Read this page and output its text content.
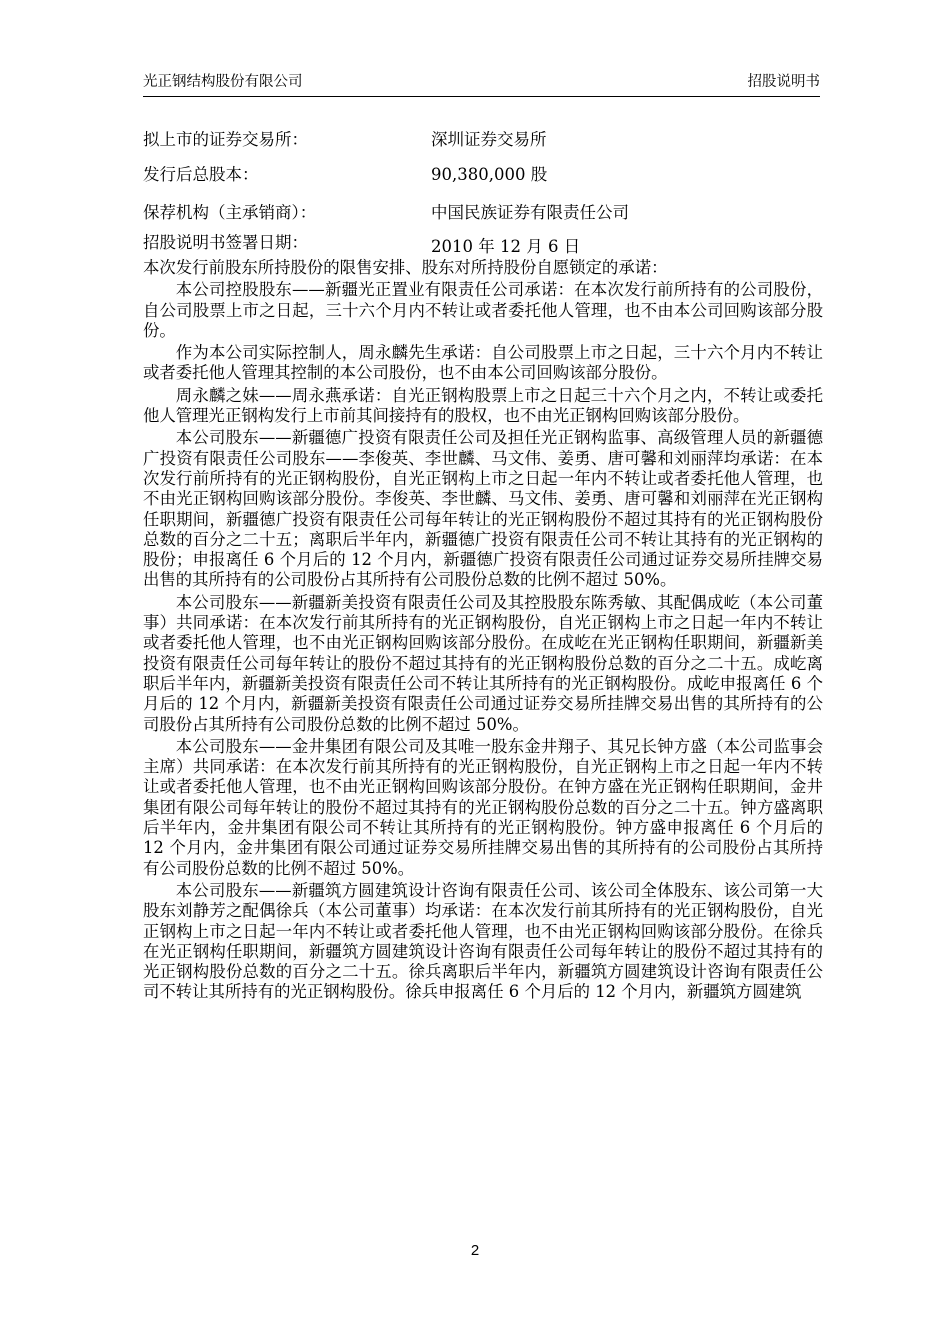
光正钢结构股份有限公司	招股说明书
拟上市的证券交易所：	深圳证券交易所
发行后总股本：	90,380,000 股
保荐机构（主承销商）：	中国民族证券有限责任公司
招股说明书签署日期：	2010 年 12 月 6 日

本次发行前股东所持股份的限售安排、股东对所持股份自愿锁定的承诺：

本公司控股股东——新疆光正置业有限责任公司承诺：在本次发行前所持有的公司股份，自公司股票上市之日起，三十六个月内不转让或者委托他人管理，也不由本公司回购该部分股份。

作为本公司实际控制人，周永麟先生承诺：自公司股票上市之日起，三十六个月内不转让或者委托他人管理其控制的本公司股份，也不由本公司回购该部分股份。

周永麟之妹——周永燕承诺：自光正钢构股票上市之日起三十六个月之内，不转让或委托他人管理光正钢构发行上市前其间接持有的股权，也不由光正钢构回购该部分股份。

本公司股东——新疆德广投资有限责任公司及担任光正钢构监事、高级管理人员的新疆德广投资有限责任公司股东——李俊英、李世麟、马文伟、姜勇、唐可馨和刘丽萍均承诺：在本次发行前所持有的光正钢构股份，自光正钢构上市之日起一年内不转让或者委托他人管理，也不由光正钢构回购该部分股份。李俊英、李世麟、马文伟、姜勇、唐可馨和刘丽萍在光正钢构任职期间，新疆德广投资有限责任公司每年转让的光正钢构股份不超过其持有的光正钢构股份总数的百分之二十五；离职后半年内，新疆德广投资有限责任公司不转让其持有的光正钢构的股份；申报离任 6 个月后的 12 个月内，新疆德广投资有限责任公司通过证券交易所挂牌交易出售的其所持有的公司股份占其所持有公司股份总数的比例不超过 50%。

本公司股东——新疆新美投资有限责任公司及其控股股东陈秀敏、其配偶成屹（本公司董事）共同承诺：在本次发行前其所持有的光正钢构股份，自光正钢构上市之日起一年内不转让或者委托他人管理，也不由光正钢构回购该部分股份。在成屹在光正钢构任职期间，新疆新美投资有限责任公司每年转让的股份不超过其持有的光正钢构股份总数的百分之二十五。成屹离职后半年内，新疆新美投资有限责任公司不转让其所持有的光正钢构股份。成屹申报离任 6 个月后的 12 个月内，新疆新美投资有限责任公司通过证券交易所挂牌交易出售的其所持有的公司股份占其所持有公司股份总数的比例不超过 50%。

本公司股东——金井集团有限公司及其唯一股东金井翔子、其兄长钟方盛（本公司监事会主席）共同承诺：在本次发行前其所持有的光正钢构股份，自光正钢构上市之日起一年内不转让或者委托他人管理，也不由光正钢构回购该部分股份。在钟方盛在光正钢构任职期间，金井集团有限公司每年转让的股份不超过其持有的光正钢构股份总数的百分之二十五。钟方盛离职后半年内，金井集团有限公司不转让其所持有的光正钢构股份。钟方盛申报离任 6 个月后的 12 个月内，金井集团有限公司通过证券交易所挂牌交易出售的其所持有的公司股份占其所持有公司股份总数的比例不超过 50%。

本公司股东——新疆筑方圆建筑设计咨询有限责任公司、该公司全体股东、该公司第一大股东刘静芳之配偶徐兵（本公司董事）均承诺：在本次发行前其所持有的光正钢构股份，自光正钢构上市之日起一年内不转让或者委托他人管理，也不由光正钢构回购该部分股份。在徐兵在光正钢构任职期间，新疆筑方圆建筑设计咨询有限责任公司每年转让的股份不超过其持有的光正钢构股份总数的百分之二十五。徐兵离职后半年内，新疆筑方圆建筑设计咨询有限责任公司不转让其所持有的光正钢构股份。徐兵申报离任 6 个月后的 12 个月内，新疆筑方圆建筑

2
